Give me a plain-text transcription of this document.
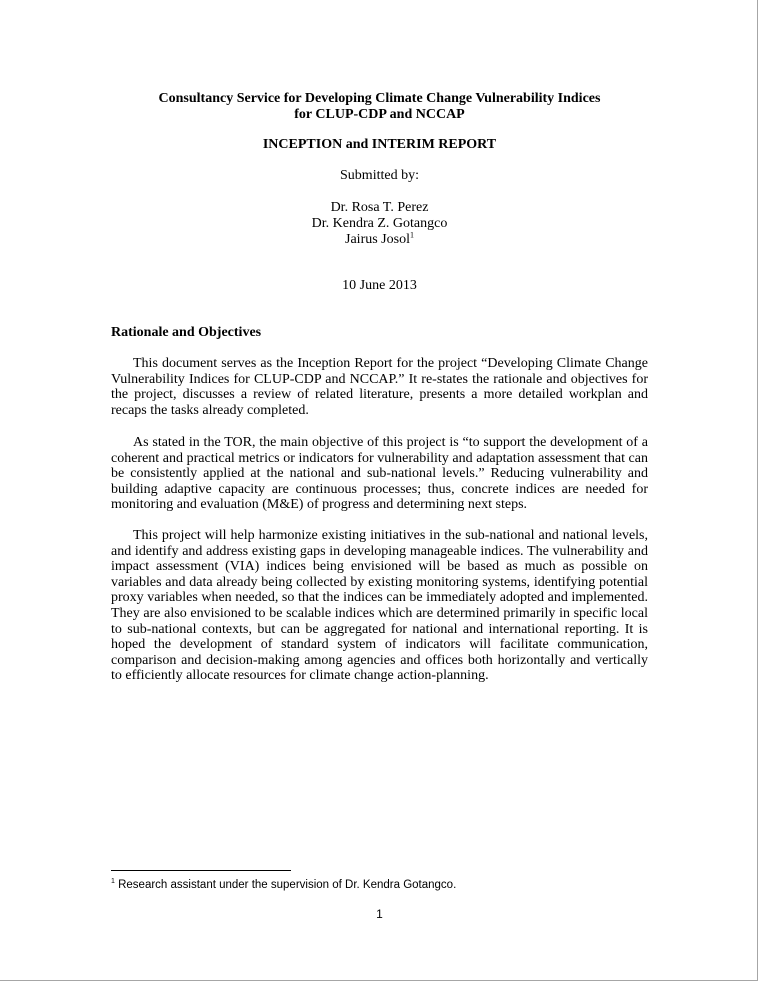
Consultancy Service for Developing Climate Change Vulnerability Indices
for CLUP-CDP and NCCAP
INCEPTION and INTERIM REPORT
Submitted by:
Dr. Rosa T. Perez
Dr. Kendra Z. Gotangco
Jairus Josol$^1$
10 June 2013
Rationale and Objectives

This document serves as the Inception Report for the project “Developing Climate Change Vulnerability Indices for CLUP-CDP and NCCAP.” It re-states the rationale and objectives for the project, discusses a review of related literature, presents a more detailed workplan and recaps the tasks already completed.

As stated in the TOR, the main objective of this project is “to support the development of a coherent and practical metrics or indicators for vulnerability and adaptation assessment that can be consistently applied at the national and sub-national levels.” Reducing vulnerability and building adaptive capacity are continuous processes; thus, concrete indices are needed for monitoring and evaluation (M&E) of progress and determining next steps.

This project will help harmonize existing initiatives in the sub-national and national levels, and identify and address existing gaps in developing manageable indices. The vulnerability and impact assessment (VIA) indices being envisioned will be based as much as possible on variables and data already being collected by existing monitoring systems, identifying potential proxy variables when needed, so that the indices can be immediately adopted and implemented. They are also envisioned to be scalable indices which are determined primarily in specific local to sub-national contexts, but can be aggregated for national and international reporting. It is hoped the development of standard system of indicators will facilitate communication, comparison and decision-making among agencies and offices both horizontally and vertically to efficiently allocate resources for climate change action-planning.

$^1$ Research assistant under the supervision of Dr. Kendra Gotangco.
1
